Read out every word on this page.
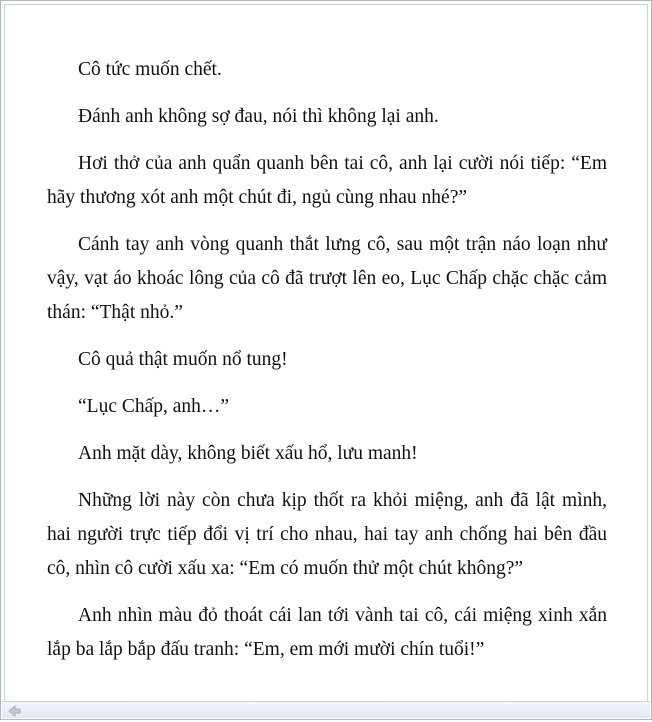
Cô tức muốn chết.

Đánh anh không sợ đau, nói thì không lại anh.

Hơi thở của anh quẩn quanh bên tai cô, anh lại cười nói tiếp: “Em hãy thương xót anh một chút đi, ngủ cùng nhau nhé?”

Cánh tay anh vòng quanh thắt lưng cô, sau một trận náo loạn như vậy, vạt áo khoác lông của cô đã trượt lên eo, Lục Chấp chặc chặc cảm thán: “Thật nhỏ.”

Cô quả thật muốn nổ tung!

“Lục Chấp, anh…”

Anh mặt dày, không biết xấu hổ, lưu manh!

Những lời này còn chưa kịp thốt ra khỏi miệng, anh đã lật mình, hai người trực tiếp đổi vị trí cho nhau, hai tay anh chống hai bên đầu cô, nhìn cô cười xấu xa: “Em có muốn thử một chút không?”

Anh nhìn màu đỏ thoát cái lan tới vành tai cô, cái miệng xinh xắn lắp ba lắp bắp đấu tranh: “Em, em mới mười chín tuổi!”
